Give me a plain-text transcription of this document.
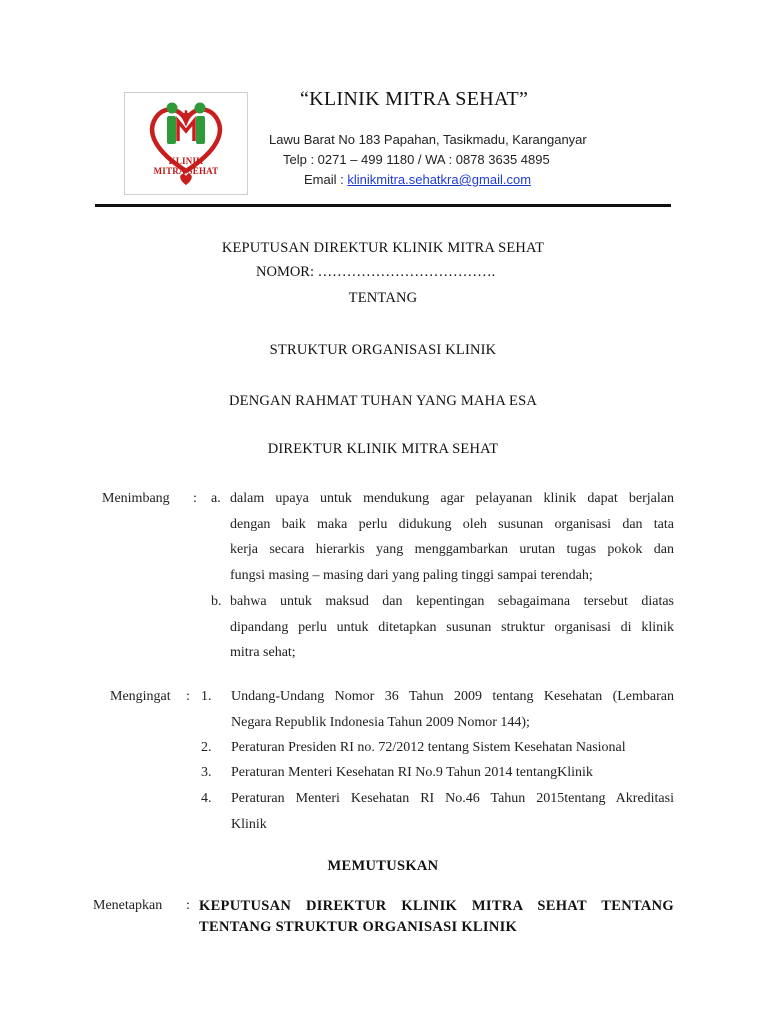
KLINIK
MITRA SEHAT
“KLINIK MITRA SEHAT”
Lawu Barat No 183 Papahan, Tasikmadu, Karanganyar
Telp : 0271 – 499 1180 / WA : 0878 3635 4895
Email : klinikmitra.sehatkra@gmail.com
KEPUTUSAN DIREKTUR KLINIK MITRA SEHAT
NOMOR: ……………………………….
TENTANG
STRUKTUR ORGANISASI KLINIK
DENGAN RAHMAT TUHAN YANG MAHA ESA
DIREKTUR KLINIK MITRA SEHAT
Menimbang : a. dalam upaya untuk mendukung agar pelayanan klinik dapat berjalan
dengan baik maka perlu didukung oleh susunan organisasi dan tata
kerja secara hierarkis yang menggambarkan urutan tugas pokok dan
fungsi masing – masing dari yang paling tinggi sampai terendah;
b. bahwa untuk maksud dan kepentingan sebagaimana tersebut diatas
dipandang perlu untuk ditetapkan susunan struktur organisasi di klinik
mitra sehat;
Mengingat : 1. Undang-Undang Nomor 36 Tahun 2009 tentang Kesehatan (Lembaran
Negara Republik Indonesia Tahun 2009 Nomor 144);
2. Peraturan Presiden RI no. 72/2012 tentang Sistem Kesehatan Nasional
3. Peraturan Menteri Kesehatan RI No.9 Tahun 2014 tentangKlinik
4. Peraturan Menteri Kesehatan RI No.46 Tahun 2015tentang Akreditasi
Klinik
MEMUTUSKAN
Menetapkan : KEPUTUSAN DIREKTUR KLINIK MITRA SEHAT TENTANG
TENTANG STRUKTUR ORGANISASI KLINIK
